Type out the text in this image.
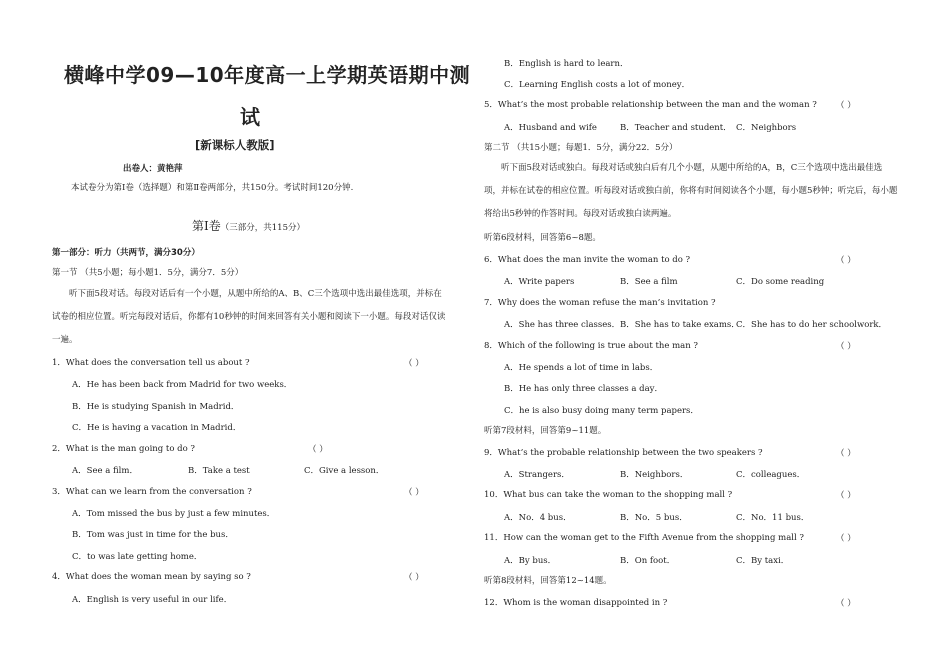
横峰中学09—10年度高一上学期英语期中测
试
[新课标人教版]
出卷人：黄艳萍
本试卷分为第Ⅰ卷（选择题）和第Ⅱ卷两部分，共150分。考试时间120分钟.
第Ⅰ卷（三部分，共115分）
第一部分：听力（共两节，满分30分）
第一节 （共5小题；每小题1．5分，满分7．5分）
听下面5段对话。每段对话后有一个小题，从题中所给的A、B、C三个选项中选出最佳选项，并标在试卷的相应位置。听完每段对话后，你都有10秒钟的时间来回答有关小题和阅读下一小题。每段对话仅读一遍。
1．What does the conversation tell us about ?	（ ）
A．He has been back from Madrid for two weeks．
B．He is studying Spanish in Madrid．
C．He is having a vacation in Madrid．
2．What is the man going to do ?	（ ）
A．See a film．	B．Take a test	C．Give a lesson．
3．What can we learn from the conversation ?	（ ）
A．Tom missed the bus by just a few minutes．
B．Tom was just in time for the bus．
C．to was late getting home．
4．What does the woman mean by saying so ?	（ ）
A．English is very useful in our life．
B．English is hard to learn．
C．Learning English costs a lot of money．
5．What’s the most probable relationship between the man and the woman ? （ ）
A．Husband and wife	B．Teacher and student． C．Neighbors
第二节 （共15小题；每题1．5分，满分22．5分）
听下面5段对话或独白。每段对话或独白后有几个小题，从题中所给的A，B，C三个选项中选出最佳选项，并标在试卷的相应位置。听每段对话或独白前，你将有时间阅读各个小题，每小题5秒钟；听完后，每小题将给出5秒钟的作答时间。每段对话或独白读两遍。
听第6段材料，回答第6~8题。
6．What does the man invite the woman to do ?	（ ）
A．Write papers	B．See a film	C．Do some reading
7．Why does the woman refuse the man’s invitation ?
A．She has three classes． B．She has to take exams．
C．She has to do her schoolwork．
8．Which of the following is true about the man ?	（ ）
A．He spends a lot of time in labs．
B．He has only three classes a day．
C．he is also busy doing many term papers．
听第7段材料，回答第9~11题。
9．What’s the probable relationship between the two speakers ?	（ ）
A．Strangers．	B．Neighbors．	C．colleagues．
10．What bus can take the woman to the shopping mall ?	（ ）
A．No．4 bus．	B．No．5 bus．	C．No．11 bus．
11．How can the woman get to the Fifth Avenue from the shopping mall ?	（ ）
A．By bus．	B．On foot．	C．By taxi．
听第8段材料，回答第12~14题。
12．Whom is the woman disappointed in ?	（ ）
